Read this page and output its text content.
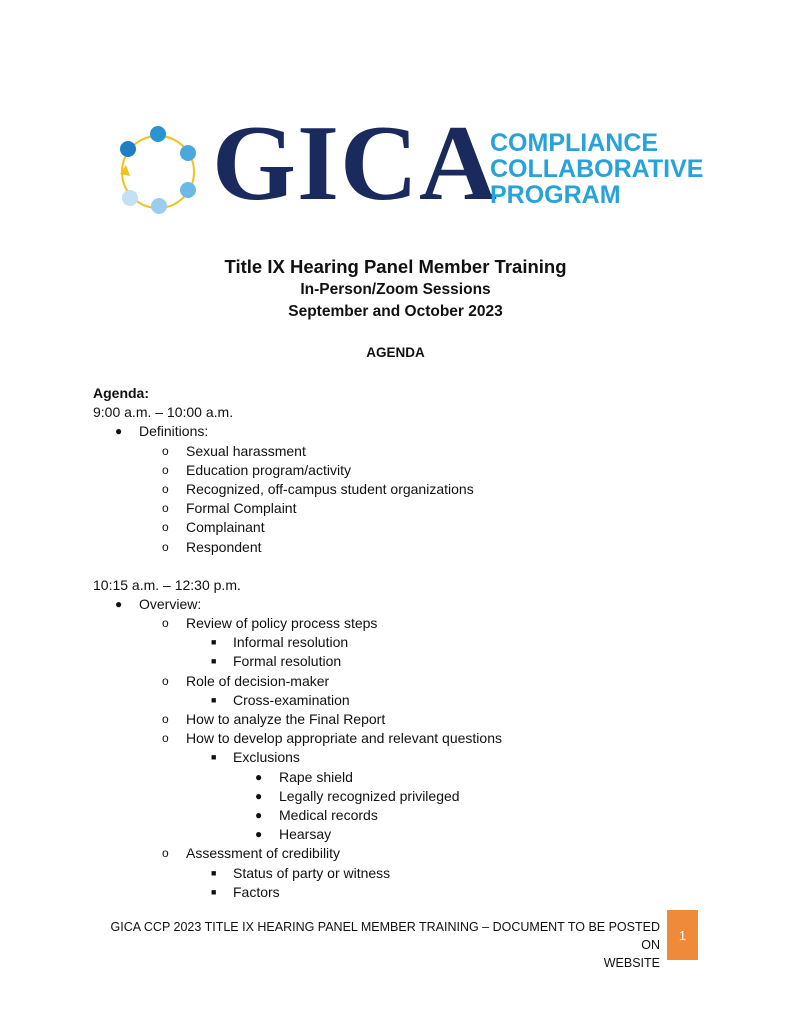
GICA
COMPLIANCE
COLLABORATIVE
PROGRAM
Title IX Hearing Panel Member Training
In-Person/Zoom Sessions
September and October 2023
AGENDA
Agenda:
9:00 a.m. – 10:00 a.m.
● Definitions:
o Sexual harassment
o Education program/activity
o Recognized, off-campus student organizations
o Formal Complaint
o Complainant
o Respondent
10:15 a.m. – 12:30 p.m.
● Overview:
o Review of policy process steps
■ Informal resolution
■ Formal resolution
o Role of decision-maker
■ Cross-examination
o How to analyze the Final Report
o How to develop appropriate and relevant questions
■ Exclusions
● Rape shield
● Legally recognized privileged
● Medical records
● Hearsay
o Assessment of credibility
■ Status of party or witness
■ Factors
GICA CCP 2023 TITLE IX HEARING PANEL MEMBER TRAINING – DOCUMENT TO BE POSTED ON
WEBSITE
1
